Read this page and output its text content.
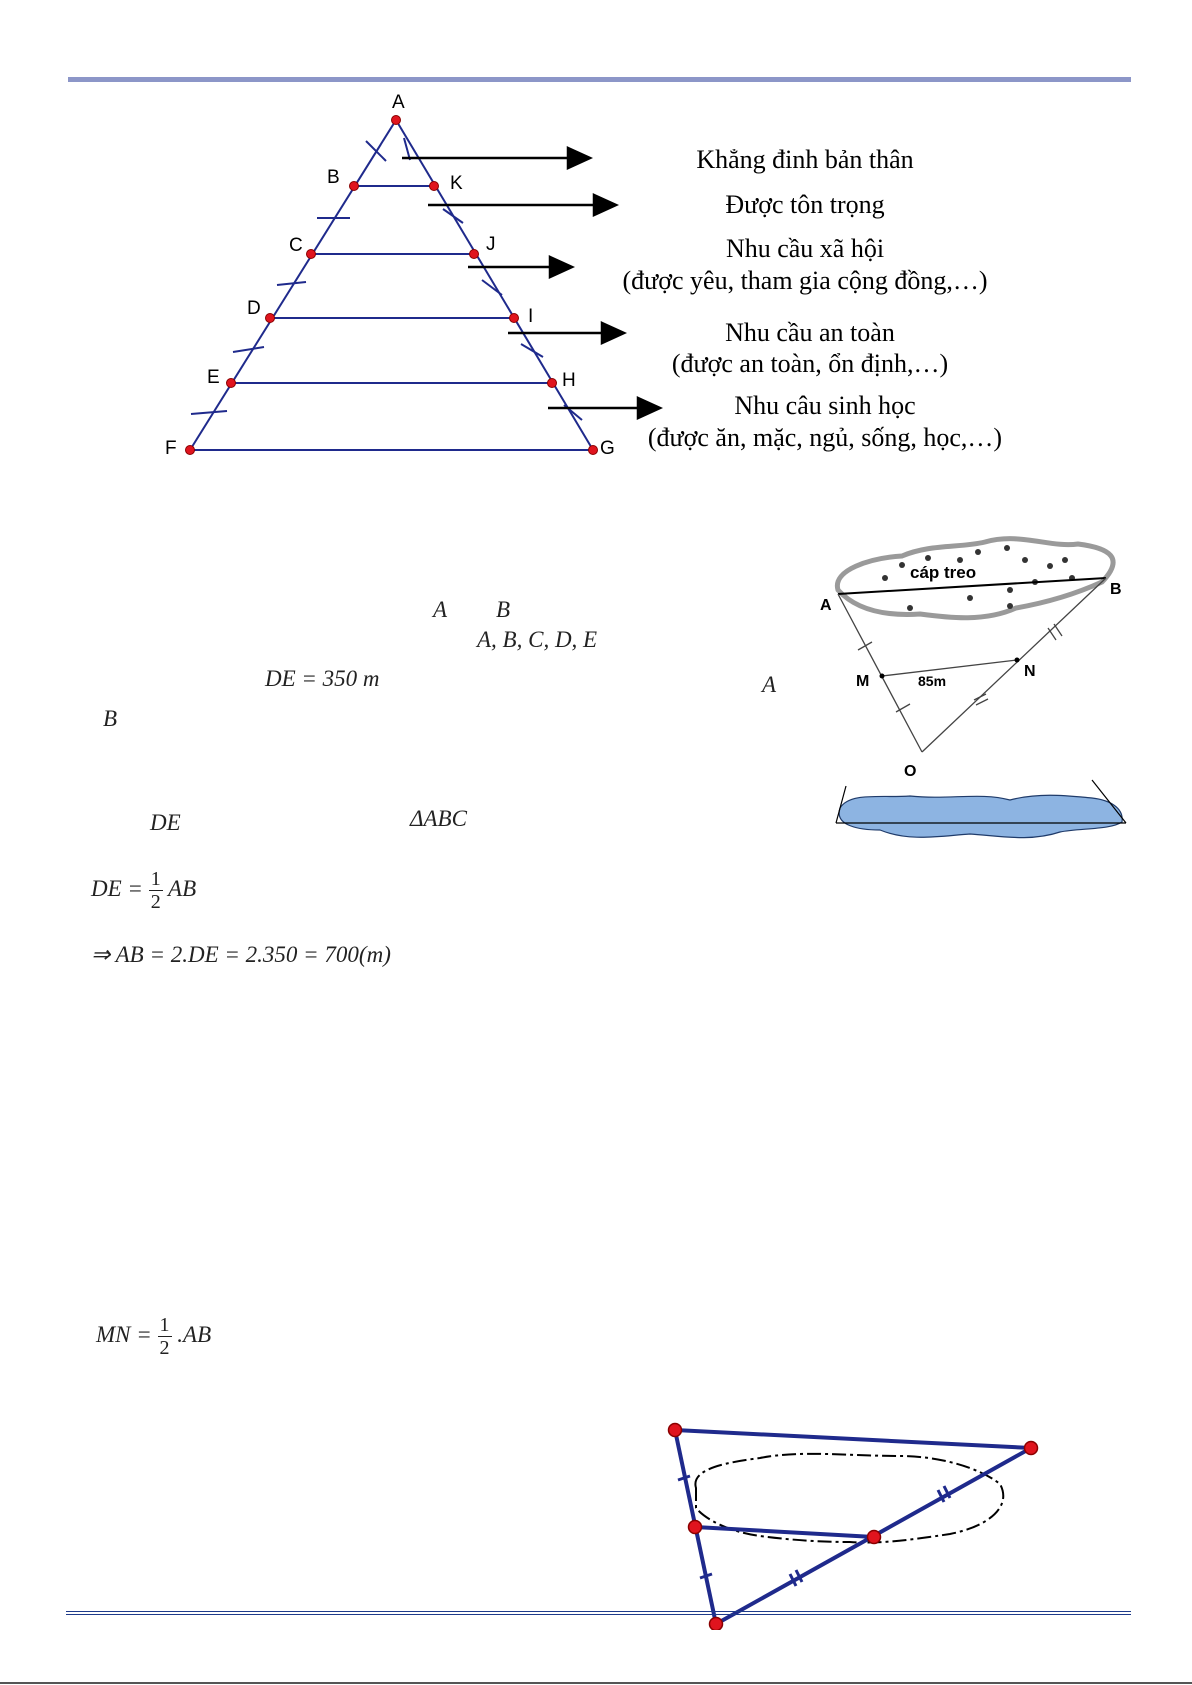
A
B	K
C	J
D	I
E	H
F	G
Khẳng đinh bản thân
Được tôn trọng
Nhu cầu xã hội
(được yêu, tham gia cộng đồng,…)
Nhu cầu an toàn
(được an toàn, ổn định,…)
Nhu câu sinh học
(được ăn, mặc, ngủ, sống, học,…)
A B
A, B, C, D, E
DE = 350 m	A
B
DE	ΔABC
DE = $\frac{1}{2}$ AB
⇒ AB = 2.DE = 2.350 = 700(m)
cáp treo
A
B
M
N
O
85m
MN = $\frac{1}{2} .AB$
